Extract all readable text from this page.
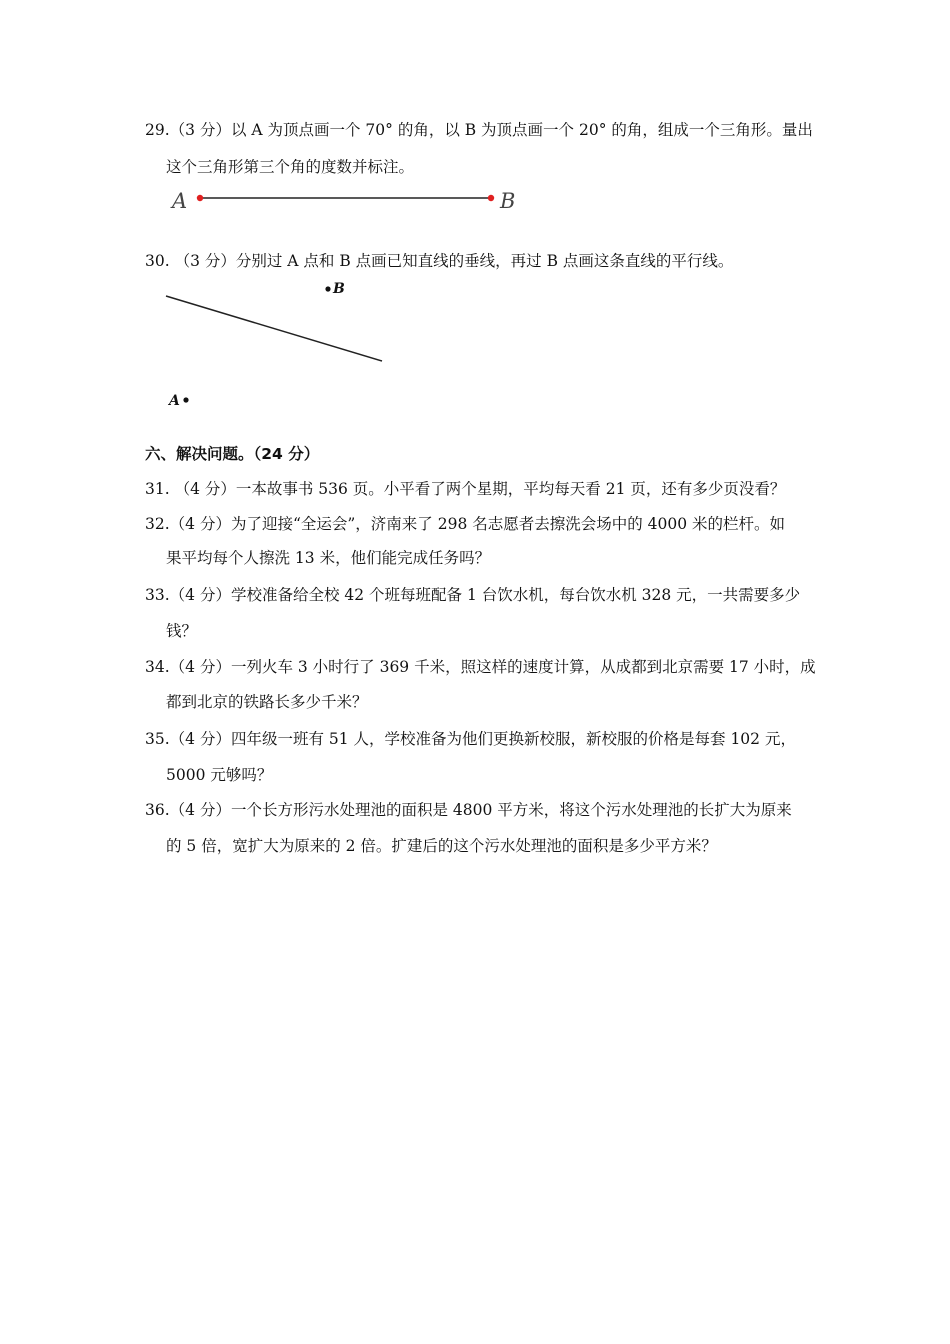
29.（3 分）以 A 为顶点画一个 70° 的角，以 B 为顶点画一个 20° 的角，组成一个三角形。量出

这个三角形第三个角的度数并标注。

A	B
B
A

30. （3 分）分别过 A 点和 B 点画已知直线的垂线，再过 B 点画这条直线的平行线。

六、解决问题。（24 分）

31. （4 分）一本故事书 536 页。小平看了两个星期，平均每天看 21 页，还有多少页没看？

32.（4 分）为了迎接“全运会”，济南来了 298 名志愿者去擦洗会场中的 4000 米的栏杆。如

果平均每个人擦洗 13 米，他们能完成任务吗？

33.（4 分）学校准备给全校 42 个班每班配备 1 台饮水机，每台饮水机 328 元，一共需要多少

钱？

34.（4 分）一列火车 3 小时行了 369 千米，照这样的速度计算，从成都到北京需要 17 小时，成

都到北京的铁路长多少千米？

35.（4 分）四年级一班有 51 人，学校准备为他们更换新校服，新校服的价格是每套 102 元，

5000 元够吗？

36.（4 分）一个长方形污水处理池的面积是 4800 平方米，将这个污水处理池的长扩大为原来

的 5 倍，宽扩大为原来的 2 倍。扩建后的这个污水处理池的面积是多少平方米？
